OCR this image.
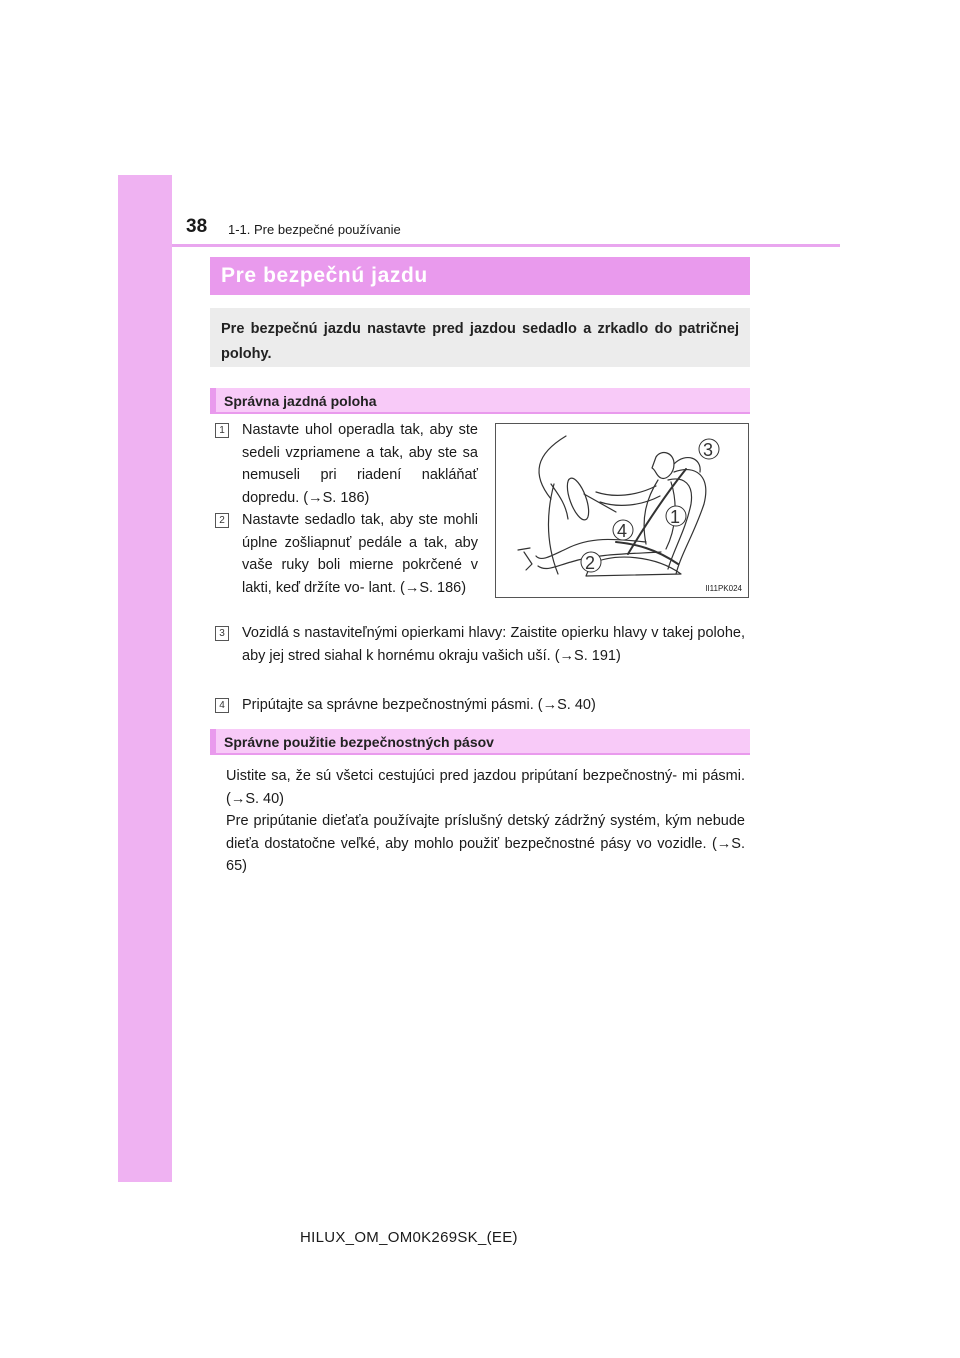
38 1-1. Pre bezpečné používanie
Pre bezpečnú jazdu
Pre bezpečnú jazdu nastavte pred jazdou sedadlo a zrkadlo do patričnej polohy.
Správna jazdná poloha
1 Nastavte uhol operadla tak, aby ste sedeli vzpriamene a tak, aby ste sa nemuseli pri riadení nakláňať dopredu. (→S. 186)
2 Nastavte sedadlo tak, aby ste mohli úplne zošliapnuť pedále a tak, aby vaše ruky boli mierne pokrčené v lakti, keď držíte vo- lant. (→S. 186)
3 Vozidlá s nastaviteľnými opierkami hlavy: Zaistite opierku hlavy v takej polohe, aby jej stred siahal k hornému okraju vašich uší. (→S. 191)
4 Pripútajte sa správne bezpečnostnými pásmi. (→S. 40)
3
1
4
2
II11PK024
Správne použitie bezpečnostných pásov
Uistite sa, že sú všetci cestujúci pred jazdou pripútaní bezpečnostný- mi pásmi. (→S. 40)
Pre pripútanie dieťaťa používajte príslušný detský zádržný systém, kým nebude dieťa dostatočne veľké, aby mohlo použiť bezpečnostné pásy vo vozidle. (→S. 65)
HILUX_OM_OM0K269SK_(EE)
